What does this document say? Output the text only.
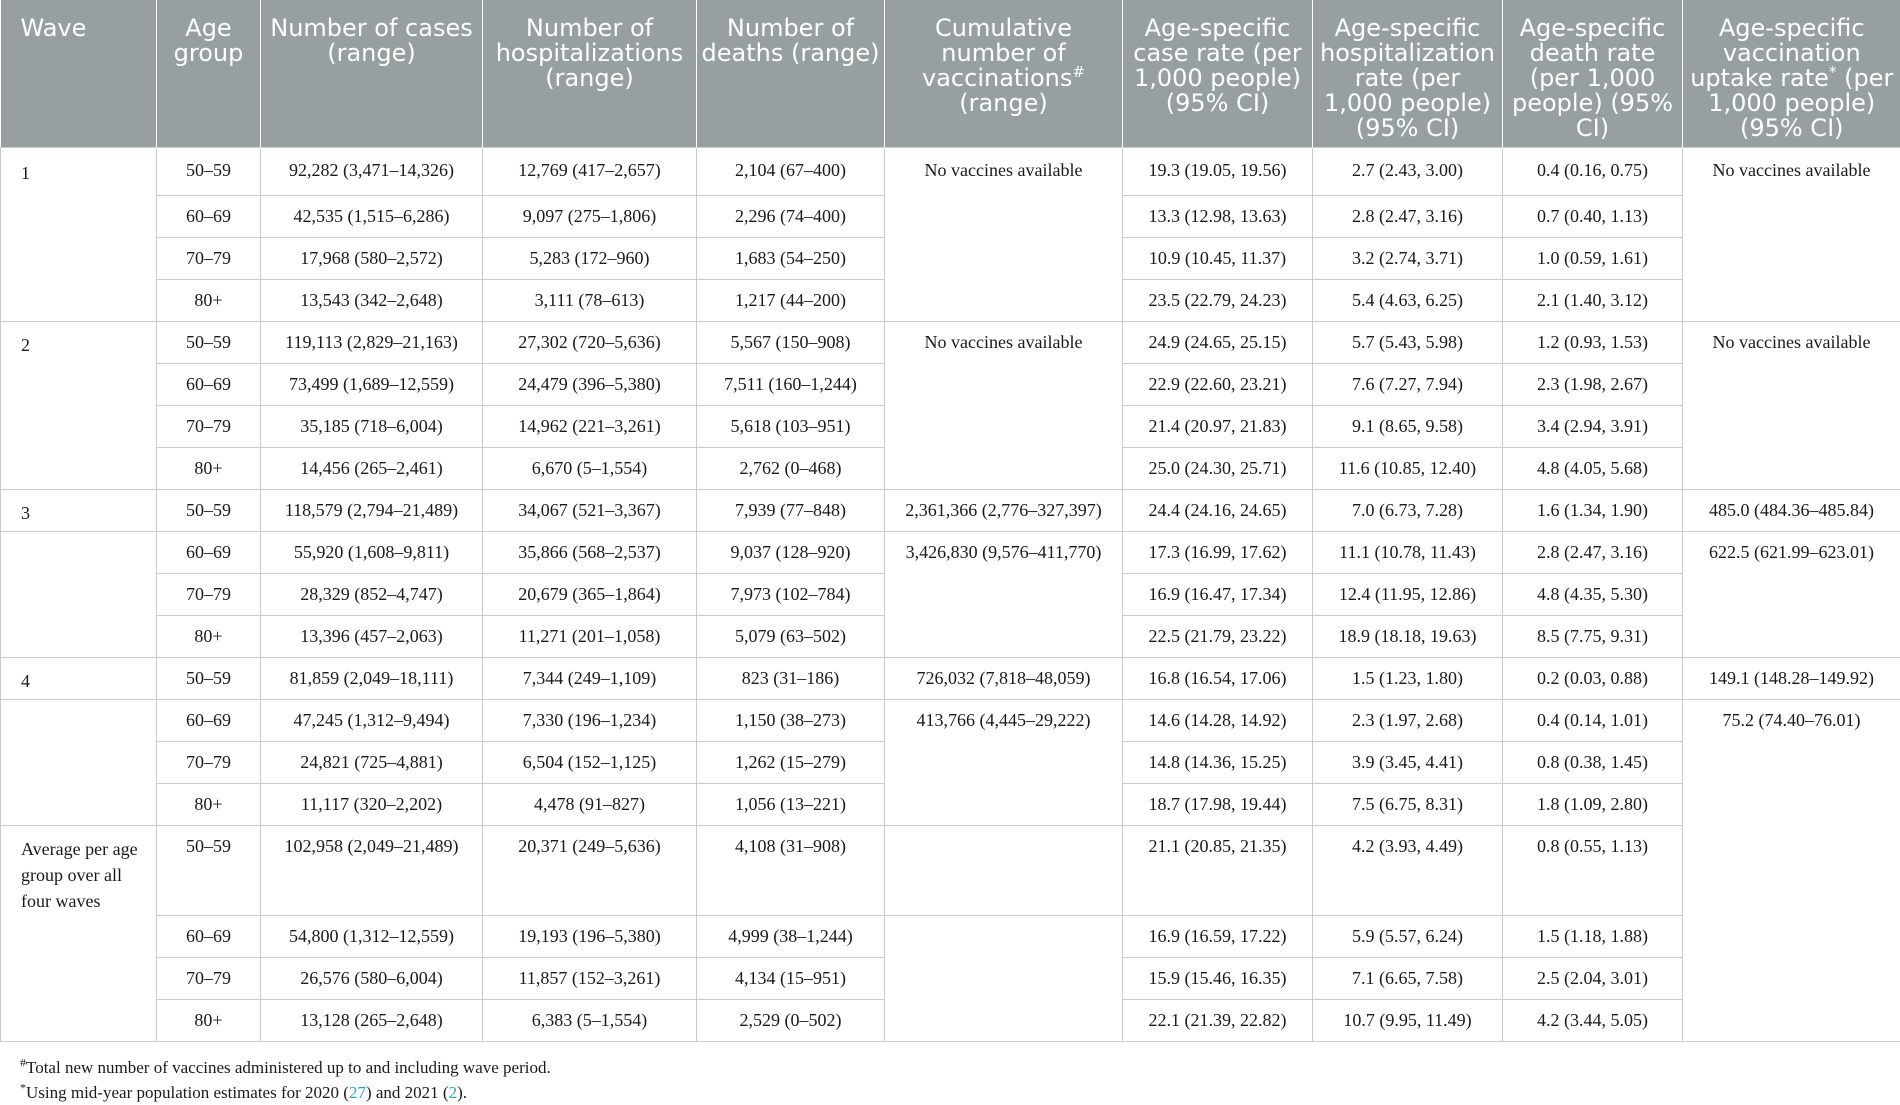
Wave	Age group	Number of cases (range)	Number of hospitalizations (range)	Number of deaths (range)	Cumulative number of vaccinations# (range)	Age-specific case rate (per 1,000 people) (95% CI)	Age-specific hospitalization rate (per 1,000 people) (95% CI)	Age-specific death rate (per 1,000 people) (95% CI)	Age-specific vaccination uptake rate* (per 1,000 people) (95% CI)
1	50–59	92,282 (3,471–14,326)	12,769 (417–2,657)	2,104 (67–400)	No vaccines available	19.3 (19.05, 19.56)	2.7 (2.43, 3.00)	0.4 (0.16, 0.75)	No vaccines available
	60–69	42,535 (1,515–6,286)	9,097 (275–1,806)	2,296 (74–400)		13.3 (12.98, 13.63)	2.8 (2.47, 3.16)	0.7 (0.40, 1.13)	
	70–79	17,968 (580–2,572)	5,283 (172–960)	1,683 (54–250)		10.9 (10.45, 11.37)	3.2 (2.74, 3.71)	1.0 (0.59, 1.61)	
	80+	13,543 (342–2,648)	3,111 (78–613)	1,217 (44–200)		23.5 (22.79, 24.23)	5.4 (4.63, 6.25)	2.1 (1.40, 3.12)	
2	50–59	119,113 (2,829–21,163)	27,302 (720–5,636)	5,567 (150–908)	No vaccines available	24.9 (24.65, 25.15)	5.7 (5.43, 5.98)	1.2 (0.93, 1.53)	No vaccines available
	60–69	73,499 (1,689–12,559)	24,479 (396–5,380)	7,511 (160–1,244)		22.9 (22.60, 23.21)	7.6 (7.27, 7.94)	2.3 (1.98, 2.67)	
	70–79	35,185 (718–6,004)	14,962 (221–3,261)	5,618 (103–951)		21.4 (20.97, 21.83)	9.1 (8.65, 9.58)	3.4 (2.94, 3.91)	
	80+	14,456 (265–2,461)	6,670 (5–1,554)	2,762 (0–468)		25.0 (24.30, 25.71)	11.6 (10.85, 12.40)	4.8 (4.05, 5.68)	
3	50–59	118,579 (2,794–21,489)	34,067 (521–3,367)	7,939 (77–848)	2,361,366 (2,776–327,397)	24.4 (24.16, 24.65)	7.0 (6.73, 7.28)	1.6 (1.34, 1.90)	485.0 (484.36–485.84)
	60–69	55,920 (1,608–9,811)	35,866 (568–2,537)	9,037 (128–920)	3,426,830 (9,576–411,770)	17.3 (16.99, 17.62)	11.1 (10.78, 11.43)	2.8 (2.47, 3.16)	622.5 (621.99–623.01)
	70–79	28,329 (852–4,747)	20,679 (365–1,864)	7,973 (102–784)		16.9 (16.47, 17.34)	12.4 (11.95, 12.86)	4.8 (4.35, 5.30)	
	80+	13,396 (457–2,063)	11,271 (201–1,058)	5,079 (63–502)		22.5 (21.79, 23.22)	18.9 (18.18, 19.63)	8.5 (7.75, 9.31)	
4	50–59	81,859 (2,049–18,111)	7,344 (249–1,109)	823 (31–186)	726,032 (7,818–48,059)	16.8 (16.54, 17.06)	1.5 (1.23, 1.80)	0.2 (0.03, 0.88)	149.1 (148.28–149.92)
	60–69	47,245 (1,312–9,494)	7,330 (196–1,234)	1,150 (38–273)	413,766 (4,445–29,222)	14.6 (14.28, 14.92)	2.3 (1.97, 2.68)	0.4 (0.14, 1.01)	75.2 (74.40–76.01)
	70–79	24,821 (725–4,881)	6,504 (152–1,125)	1,262 (15–279)		14.8 (14.36, 15.25)	3.9 (3.45, 4.41)	0.8 (0.38, 1.45)	
	80+	11,117 (320–2,202)	4,478 (91–827)	1,056 (13–221)		18.7 (17.98, 19.44)	7.5 (6.75, 8.31)	1.8 (1.09, 2.80)	
Average per age group over all four waves	50–59	102,958 (2,049–21,489)	20,371 (249–5,636)	4,108 (31–908)		21.1 (20.85, 21.35)	4.2 (3.93, 4.49)	0.8 (0.55, 1.13)	
	60–69	54,800 (1,312–12,559)	19,193 (196–5,380)	4,999 (38–1,244)		16.9 (16.59, 17.22)	5.9 (5.57, 6.24)	1.5 (1.18, 1.88)	
	70–79	26,576 (580–6,004)	11,857 (152–3,261)	4,134 (15–951)		15.9 (15.46, 16.35)	7.1 (6.65, 7.58)	2.5 (2.04, 3.01)	
	80+	13,128 (265–2,648)	6,383 (5–1,554)	2,529 (0–502)		22.1 (21.39, 22.82)	10.7 (9.95, 11.49)	4.2 (3.44, 5.05)	
#Total new number of vaccines administered up to and including wave period.
*Using mid-year population estimates for 2020 (27) and 2021 (2).
